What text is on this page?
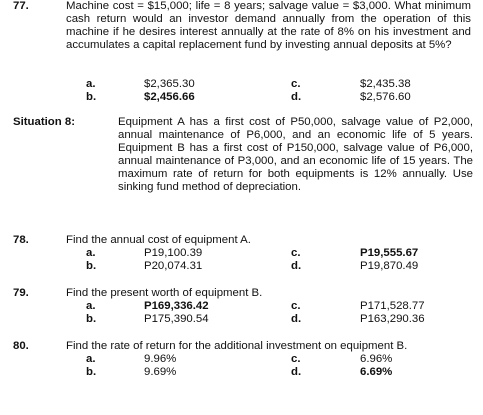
77.	Machine cost = $15,000; life = 8 years; salvage value = $3,000. What minimum cash return would an investor demand annually from the operation of this machine if he desires interest annually at the rate of 8% on his investment and accumulates a capital replacement fund by investing annual deposits at 5%?
a.	$2,365.30	c.	$2,435.38
b.	$2,456.66	d.	$2,576.60
Situation 8:	Equipment A has a first cost of P50,000, salvage value of P2,000, annual maintenance of P6,000, and an economic life of 5 years. Equipment B has a first cost of P150,000, salvage value of P6,000, annual maintenance of P3,000, and an economic life of 15 years. The maximum rate of return for both equipments is 12% annually. Use sinking fund method of depreciation.
78.	Find the annual cost of equipment A.
a.	P19,100.39	c.	P19,555.67
b.	P20,074.31	d.	P19,870.49
79.	Find the present worth of equipment B.
a.	P169,336.42	c.	P171,528.77
b.	P175,390.54	d.	P163,290.36
80.	Find the rate of return for the additional investment on equipment B.
a.	9.96%	c.	6.96%
b.	9.69%	d.	6.69%
